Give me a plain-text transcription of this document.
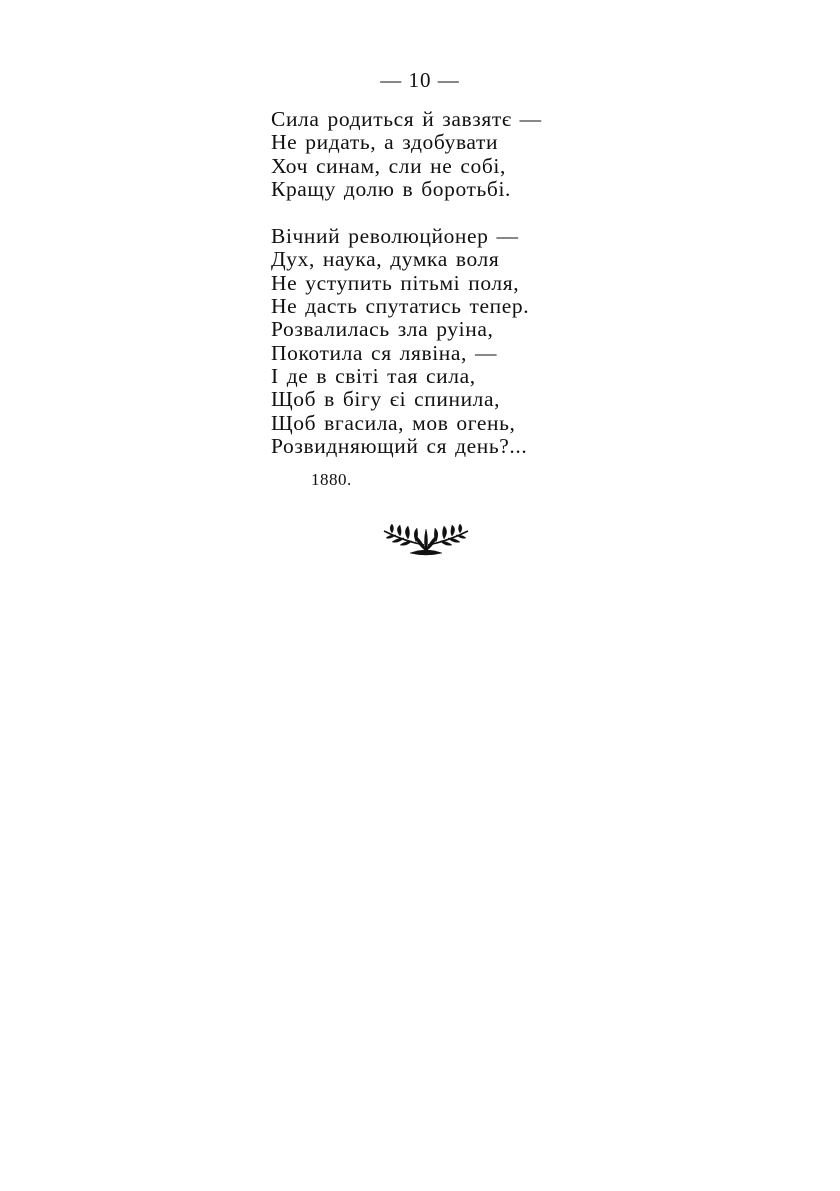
— 10 —

Сила родиться й завзятє —
Не ридать, а здобувати
Хоч синам, сли не собі,
Кращу долю в боротьбі.

Вічний революцйонер —
Дух, наука, думка воля
Не уступить пітьмі поля,
Не дасть спутатись тепер.
Розвалилась зла руіна,
Покотила ся лявіна, —
І де в світі тая сила,
Щоб в бігу єі спинила,
Щоб вгасила, мов огень,
Розвидняющий ся день?...

1880.
